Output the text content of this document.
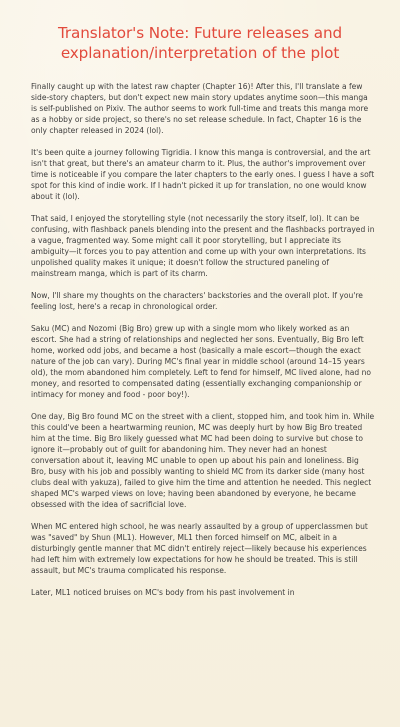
Translator's Note: Future releases and
explanation/interpretation of the plot

Finally caught up with the latest raw chapter (Chapter 16)! After this, I'll translate a few side-story chapters, but don't expect new main story updates anytime soon—this manga is self-published on Pixiv. The author seems to work full-time and treats this manga more as a hobby or side project, so there's no set release schedule. In fact, Chapter 16 is the only chapter released in 2024 (lol).

It's been quite a journey following Tigridia. I know this manga is controversial, and the art isn't that great, but there's an amateur charm to it. Plus, the author's improvement over time is noticeable if you compare the later chapters to the early ones. I guess I have a soft spot for this kind of indie work. If I hadn't picked it up for translation, no one would know about it (lol).

That said, I enjoyed the storytelling style (not necessarily the story itself, lol). It can be confusing, with flashback panels blending into the present and the flashbacks portrayed in a vague, fragmented way. Some might call it poor storytelling, but I appreciate its ambiguity—it forces you to pay attention and come up with your own interpretations. Its unpolished quality makes it unique; it doesn't follow the structured paneling of mainstream manga, which is part of its charm.

Now, I'll share my thoughts on the characters' backstories and the overall plot. If you're feeling lost, here's a recap in chronological order.

Saku (MC) and Nozomi (Big Bro) grew up with a single mom who likely worked as an escort. She had a string of relationships and neglected her sons. Eventually, Big Bro left home, worked odd jobs, and became a host (basically a male escort—though the exact nature of the job can vary). During MC's final year in middle school (around 14–15 years old), the mom abandoned him completely. Left to fend for himself, MC lived alone, had no money, and resorted to compensated dating (essentially exchanging companionship or intimacy for money and food - poor boy!).

One day, Big Bro found MC on the street with a client, stopped him, and took him in. While this could've been a heartwarming reunion, MC was deeply hurt by how Big Bro treated him at the time. Big Bro likely guessed what MC had been doing to survive but chose to ignore it—probably out of guilt for abandoning him. They never had an honest conversation about it, leaving MC unable to open up about his pain and loneliness. Big Bro, busy with his job and possibly wanting to shield MC from its darker side (many host clubs deal with yakuza), failed to give him the time and attention he needed. This neglect shaped MC's warped views on love; having been abandoned by everyone, he became obsessed with the idea of sacrificial love.

When MC entered high school, he was nearly assaulted by a group of upperclassmen but was "saved" by Shun (ML1). However, ML1 then forced himself on MC, albeit in a disturbingly gentle manner that MC didn't entirely reject—likely because his experiences had left him with extremely low expectations for how he should be treated. This is still assault, but MC's trauma complicated his response.

Later, ML1 noticed bruises on MC's body from his past involvement in
